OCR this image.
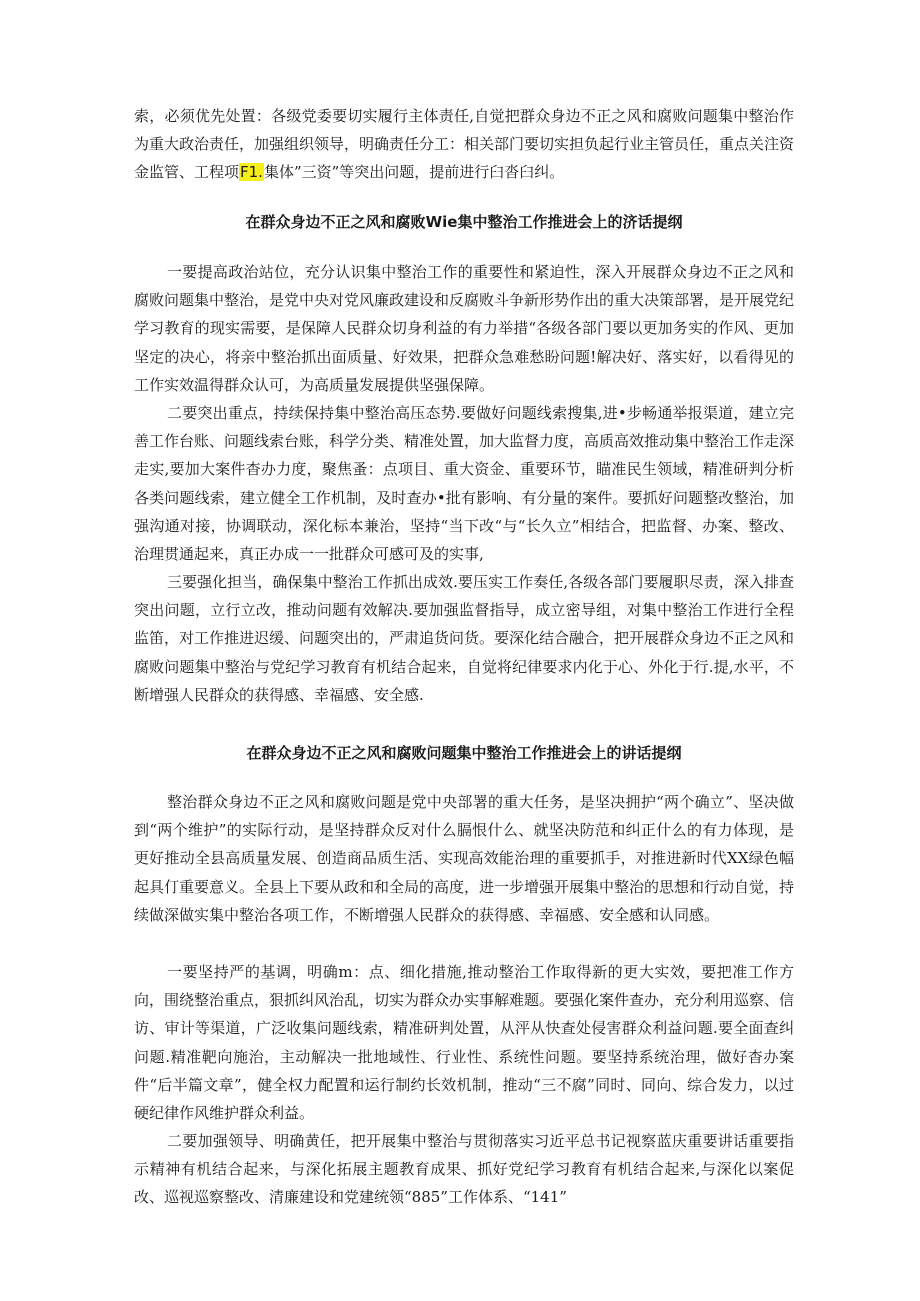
索，必须优先处置：各级党委要切实履行主体责任,自觉把群众身边不正之风和腐败问题集中整治作为重大政治责任，加强组织领导，明确责任分工：相关部门要切实担负起行业主管员任，重点关注资金监管、工程项F1.集体”三资”等突出问题，提前进行臼沓臼纠。

在群众身边不正之风和腐败Wie集中整治工作推进会上的济话提纲

一要提高政治站位，充分认识集中整治工作的重要性和紧迫性，深入开展群众身边不正之风和腐败问题集中整治，是党中央对党风廉政建设和反腐败斗争新形势作出的重大决策部署，是开展党纪学习教育的现实需要，是保障人民群众切身利益的有力举措“各级各部门要以更加务实的作风、更加坚定的决心，将亲中整治抓出面质量、好效果，把群众急难愁盼问题!解决好、落实好，以看得见的工作实效温得群众认可，为高质量发展提供坚强保障。

二要突出重点，持续保持集中整治高压态势.要做好问题线索搜集,进•步畅通举报渠道，建立完善工作台账、问题线索台账，科学分类、精准处置，加大监督力度，高质高效推动集中整治工作走深走实,要加大案件杳办力度，聚焦蚤：点项目、重大资金、重要环节，瞄准民生领域，精准研判分析各类问题线索，建立健全工作机制，及时查办•批有影响、有分量的案件。要抓好问题整改整治，加强沟通对接，协调联动，深化标本兼治，坚持“当下改“与“长久立”相结合，把监督、办案、整改、治理贯通起来，真正办成一一批群众可感可及的实事,

三要强化担当，确保集中整治工作抓出成效.要压实工作奏任,各级各部门要履职尽责，深入排查突出问题，立行立改，推动问题有效解决.要加强监督指导，成立密导组，对集中整治工作进行全程监笛，对工作推进迟缓、问题突出的，严肃追货问货。要深化结合融合，把开展群众身边不正之风和腐败问题集中整治与党纪学习教育有机结合起来，自觉将纪律要求内化于心、外化于行.提,水平，不断增强人民群众的获得感、幸福感、安全感.

在群众身边不正之风和腐败问题集中整治工作推进会上的讲话提纲

整治群众身边不正之风和腐败问题是党中央部署的重大任务，是坚决拥护“两个确立”、坚决做到“两个维护”的实际行动，是坚持群众反对什么膈恨什么、就坚决防范和纠正什么的有力体现，是更好推动全县高质量发展、创造商品质生活、实现高效能治理的重要抓手，对推进新时代XX绿色幅起具仃重要意义。全县上下要从政和和全局的高度，进一步增强开展集中整治的思想和行动自觉，持续做深做实集中整治各项工作，不断增强人民群众的获得感、幸福感、安全感和认同感。

一要坚持严的基调，明确m：点、细化措施,推动整治工作取得新的更大实效，要把准工作方向，围绕整治重点，狠抓纠风治乱，切实为群众办实事解难题。要强化案件查办，充分利用巡察、信访、审计等渠道，广泛收集问题线索，精准研判处置，从泙从快查处侵害群众利益问题.要全面查纠问题.精准靶向施治，主动解决一批地域性、行业性、系统性问题。要坚持系统治理，做好杳办案件“后半篇文章”，健全权力配置和运行制约长效机制，推动“三不腐”同时、同向、综合发力，以过硬纪律作风维护群众利益。

二要加强领导、明确黄任，把开展集中整治与贯彻落实习近平总书记视察蓝庆重要讲话重要指示精神有机结合起来，与深化拓展主题教育成果、抓好党纪学习教育有机结合起来,与深化以案促改、巡视巡察整改、清廉建设和党建统领“885”工作体系、“141”
